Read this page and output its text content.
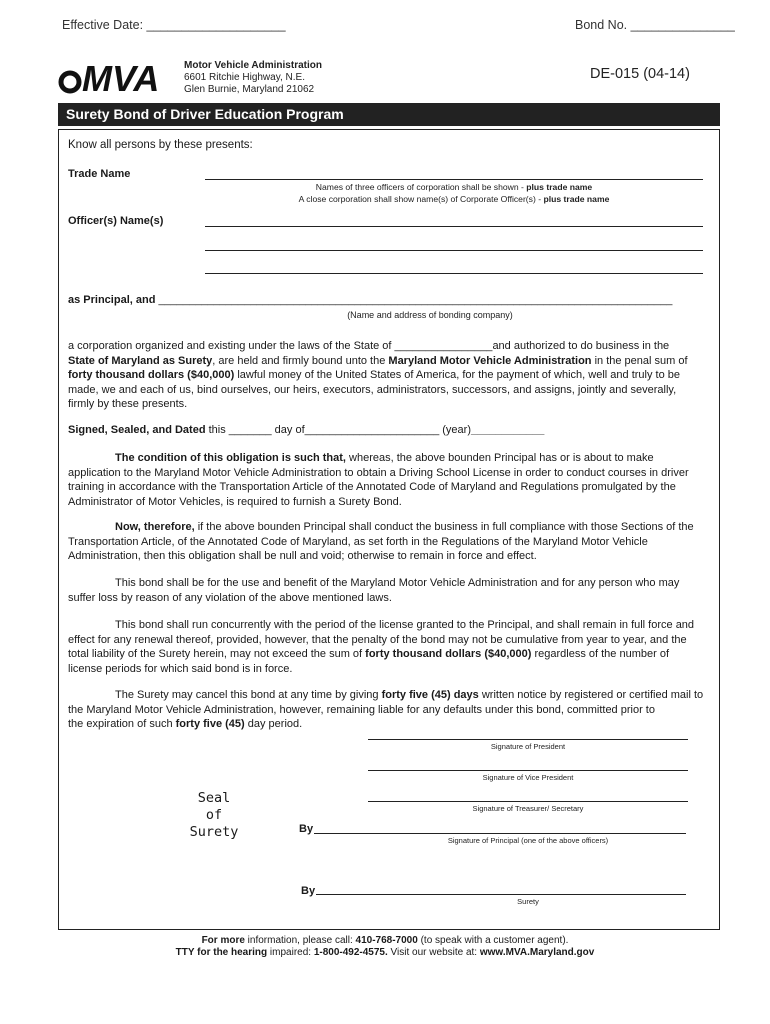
Effective Date: ____________________	Bond No. _______________
MVA Motor Vehicle Administration
6601 Ritchie Highway, N.E.
Glen Burnie, Maryland 21062
DE-015 (04-14)
Surety Bond of Driver Education Program
Know all persons by these presents:
Trade Name
Names of three officers of corporation shall be shown - plus trade name
A close corporation shall show name(s) of Corporate Officer(s) - plus trade name
Officer(s) Name(s)
as Principal, and ____________________________________________________________________________________
(Name and address of bonding company)
a corporation organized and existing under the laws of the State of ________________and authorized to do business in the
State of Maryland as Surety, are held and firmly bound unto the Maryland Motor Vehicle Administration in the penal sum of
forty thousand dollars ($40,000) lawful money of the United States of America, for the payment of which, well and truly to be
made, we and each of us, bind ourselves, our heirs, executors, administrators, successors, and assigns, jointly and severally,
firmly by these presents.
Signed, Sealed, and Dated this _______ day of______________________ (year)____________
The condition of this obligation is such that, whereas, the above bounden Principal has or is about to make
application to the Maryland Motor Vehicle Administration to obtain a Driving School License in order to conduct courses in driver
training in accordance with the Transportation Article of the Annotated Code of Maryland and Regulations promulgated by the
Administrator of Motor Vehicles, is required to furnish a Surety Bond.
Now, therefore, if the above bounden Principal shall conduct the business in full compliance with those Sections of the
Transportation Article, of the Annotated Code of Maryland, as set forth in the Regulations of the Maryland Motor Vehicle
Administration, then this obligation shall be null and void; otherwise to remain in force and effect.
This bond shall be for the use and benefit of the Maryland Motor Vehicle Administration and for any person who may
suffer loss by reason of any violation of the above mentioned laws.
This bond shall run concurrently with the period of the license granted to the Principal, and shall remain in full force and
effect for any renewal thereof, provided, however, that the penalty of the bond may not be cumulative from year to year, and the
total liability of the Surety herein, may not exceed the sum of forty thousand dollars ($40,000) regardless of the number of
license periods for which said bond is in force.
The Surety may cancel this bond at any time by giving forty five (45) days written notice by registered or certified mail to
the Maryland Motor Vehicle Administration, however, remaining liable for any defaults under this bond, committed prior to
the expiration of such forty five (45) day period.
Signature of President
Signature of Vice President
Signature of Treasurer/ Secretary
Seal
of
Surety	By
Signature of Principal (one of the above officers)
By
Surety
For more information, please call: 410-768-7000 (to speak with a customer agent).
TTY for the hearing impaired: 1-800-492-4575. Visit our website at: www.MVA.Maryland.gov
